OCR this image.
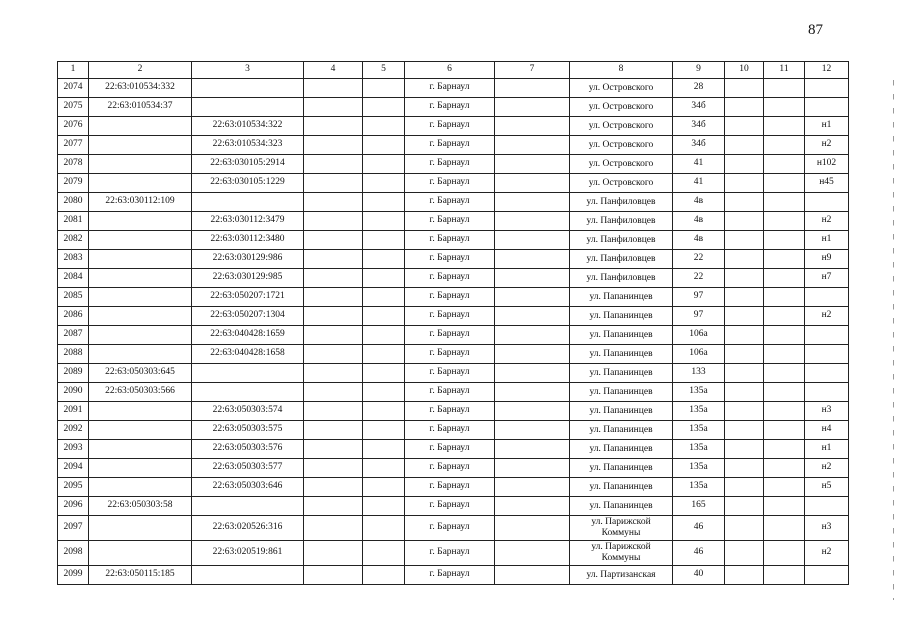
87
1	2	3	4	5	6	7	8	9	10	11	12
2074	22:63:010534:332				г. Барнаул		ул. Островского	28			
2075	22:63:010534:37				г. Барнаул		ул. Островского	34б			
2076		22:63:010534:322			г. Барнаул		ул. Островского	34б			н1
2077		22:63:010534:323			г. Барнаул		ул. Островского	34б			н2
2078		22:63:030105:2914			г. Барнаул		ул. Островского	41			н102
2079		22:63:030105:1229			г. Барнаул		ул. Островского	41			н45
2080	22:63:030112:109				г. Барнаул		ул. Панфиловцев	4в			
2081		22:63:030112:3479			г. Барнаул		ул. Панфиловцев	4в			н2
2082		22:63:030112:3480			г. Барнаул		ул. Панфиловцев	4в			н1
2083		22:63:030129:986			г. Барнаул		ул. Панфиловцев	22			н9
2084		22:63:030129:985			г. Барнаул		ул. Панфиловцев	22			н7
2085		22:63:050207:1721			г. Барнаул		ул. Папанинцев	97			
2086		22:63:050207:1304			г. Барнаул		ул. Папанинцев	97			н2
2087		22:63:040428:1659			г. Барнаул		ул. Папанинцев	106а			
2088		22:63:040428:1658			г. Барнаул		ул. Папанинцев	106а			
2089	22:63:050303:645				г. Барнаул		ул. Папанинцев	133			
2090	22:63:050303:566				г. Барнаул		ул. Папанинцев	135а			
2091		22:63:050303:574			г. Барнаул		ул. Папанинцев	135а			н3
2092		22:63:050303:575			г. Барнаул		ул. Папанинцев	135а			н4
2093		22:63:050303:576			г. Барнаул		ул. Папанинцев	135а			н1
2094		22:63:050303:577			г. Барнаул		ул. Папанинцев	135а			н2
2095		22:63:050303:646			г. Барнаул		ул. Папанинцев	135а			н5
2096	22:63:050303:58				г. Барнаул		ул. Папанинцев	165			
2097		22:63:020526:316			г. Барнаул		ул. Парижской Коммуны	46			н3
2098		22:63:020519:861			г. Барнаул		ул. Парижской Коммуны	46			н2
2099	22:63:050115:185				г. Барнаул		ул. Партизанская	40			
